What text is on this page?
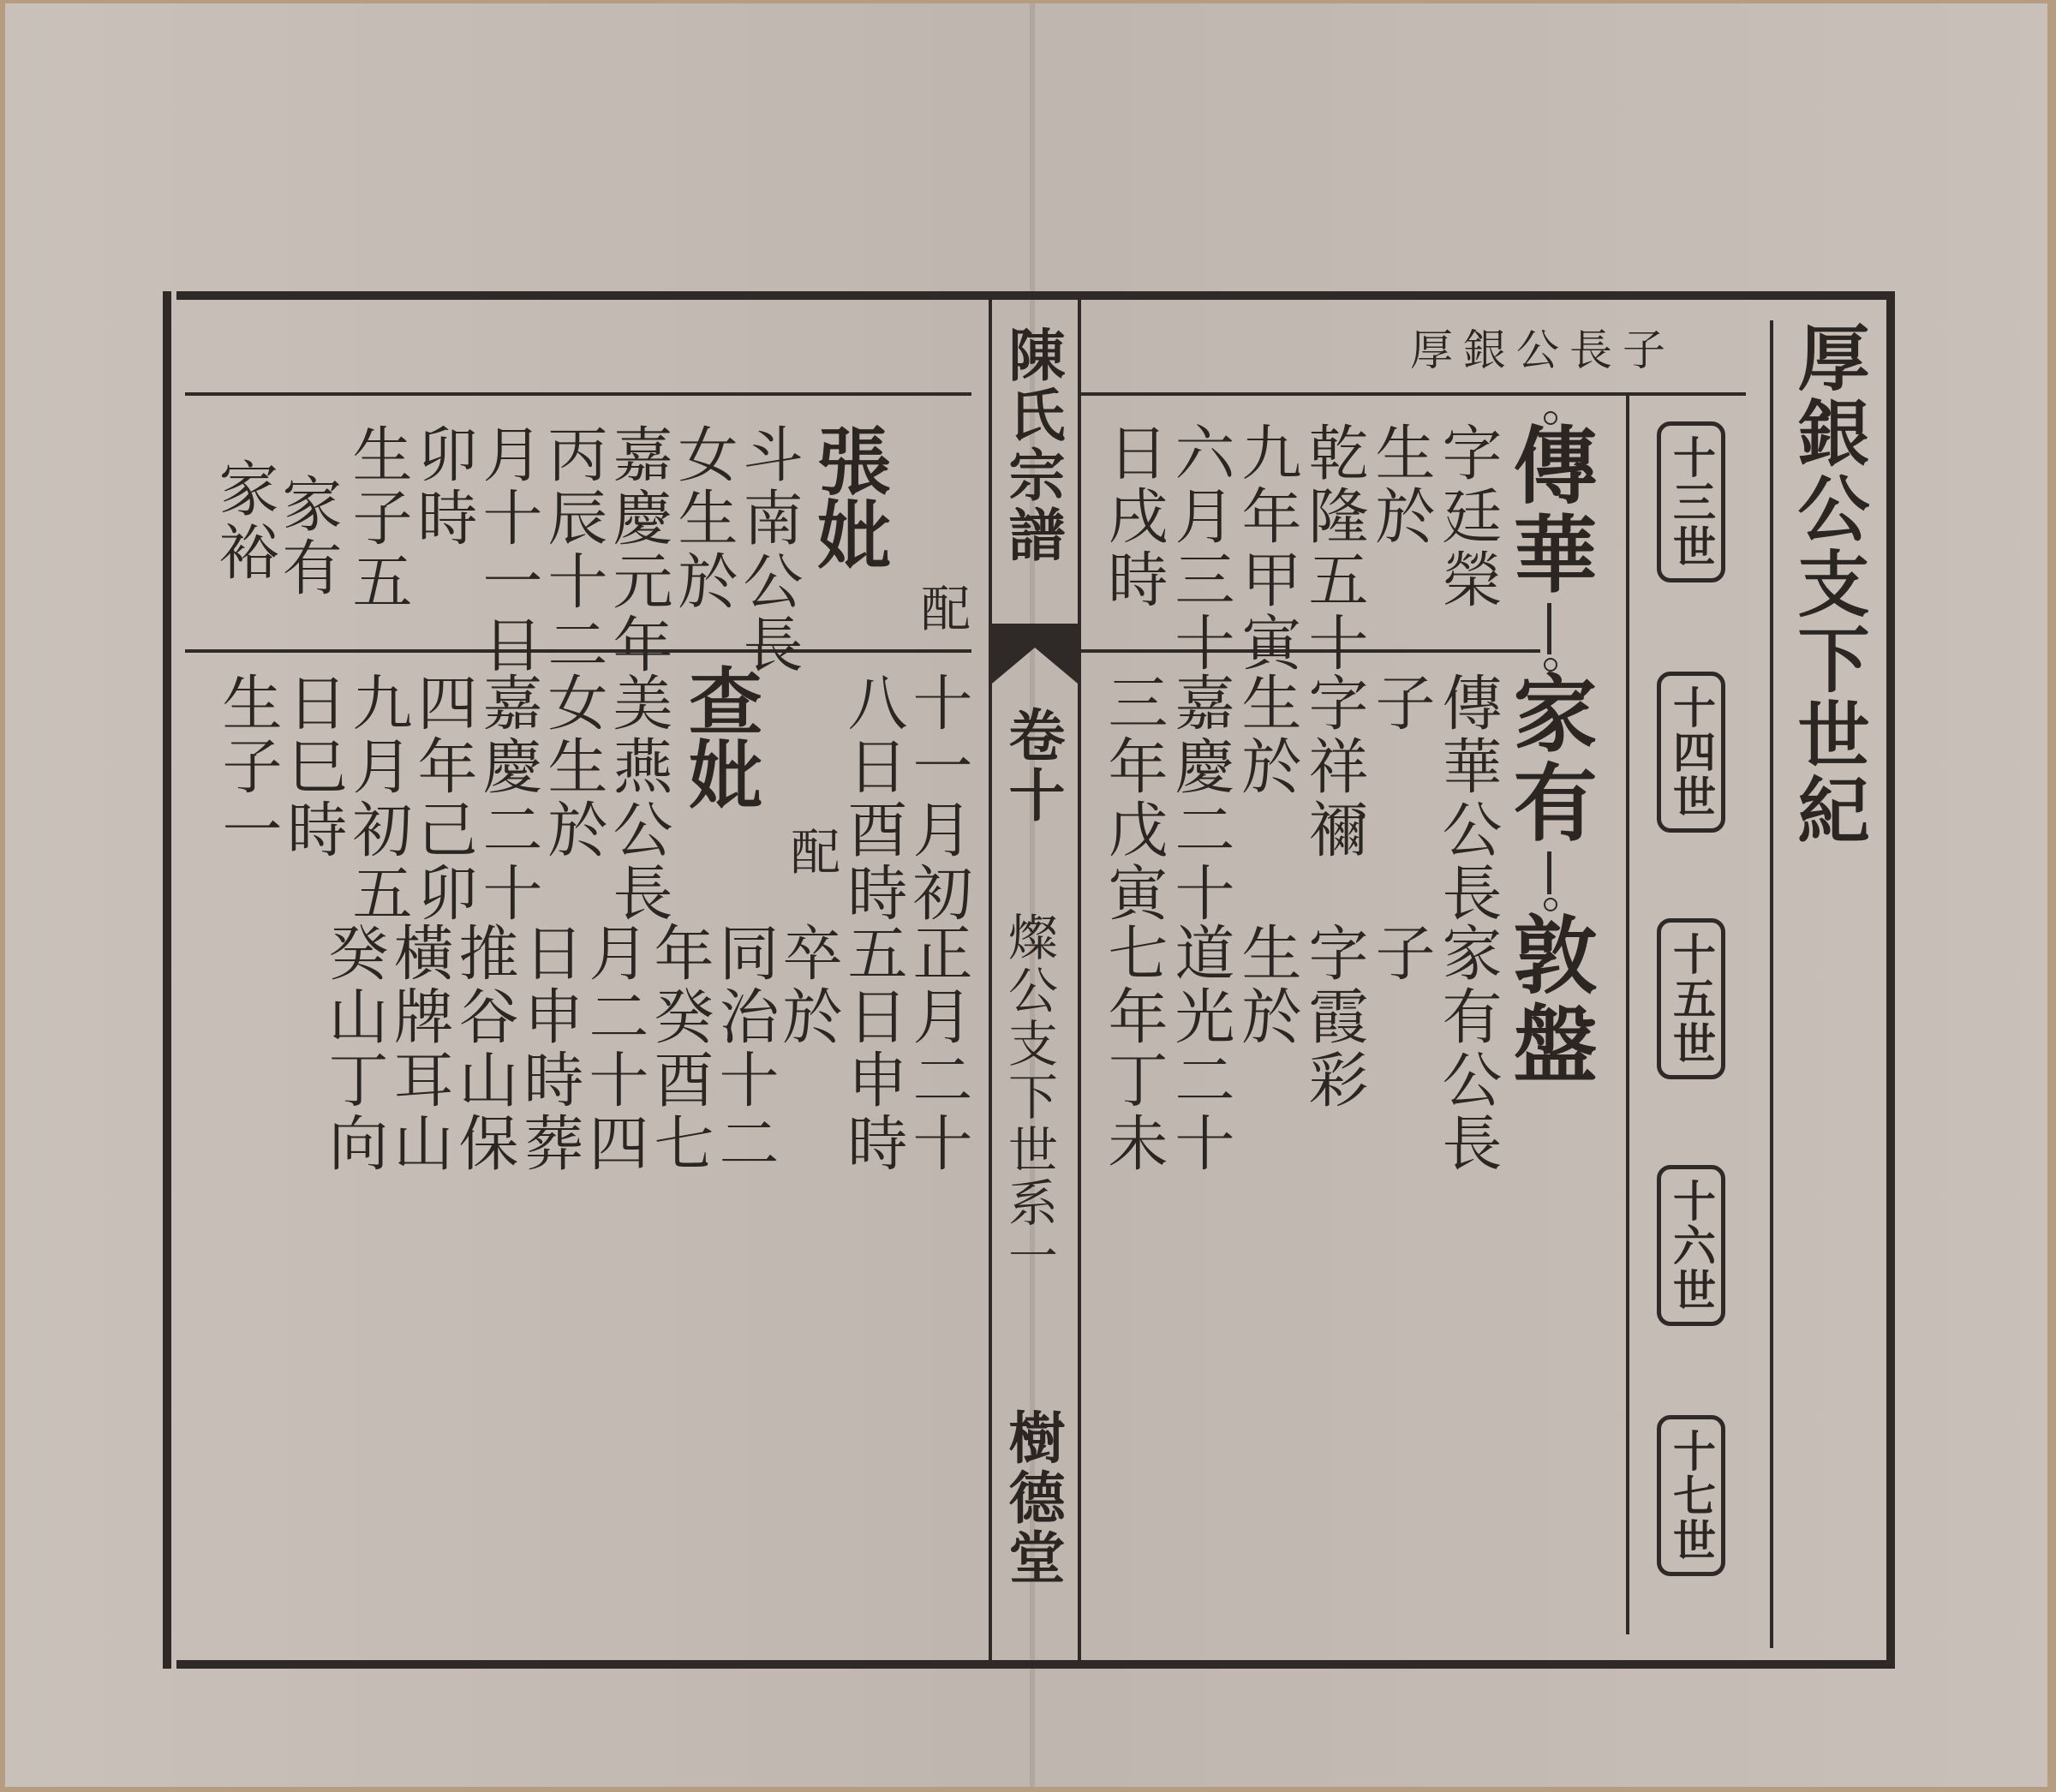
厚銀公支下世紀
厚銀公長子
十三世
十四世
十五世
十六世
十七世
傳華
家有
敦盤
字廷榮
生於
乾隆五十
九年甲寅
六月三十
日戌時
傳華公長
子
字祥禰
生於
嘉慶二十
三年戊寅
家有公長
子
字霞彩
生於
道光二十
七年丁未
陳氏宗譜
卷十
燦公支下世系一
樹德堂
配
張妣
斗南公長
女生於
嘉慶元年
丙辰十二
月十一日
卯時
生子五
家有
家裕
十一月初
八日酉時
配
查妣
美燕公長
女生於
嘉慶二十
四年己卯
九月初五
日巳時
生子一
正月二十
五日申時
卒於
同治十二
年癸酉七
月二十四
日申時葬
推谷山保
橫牌耳山
癸山丁向
